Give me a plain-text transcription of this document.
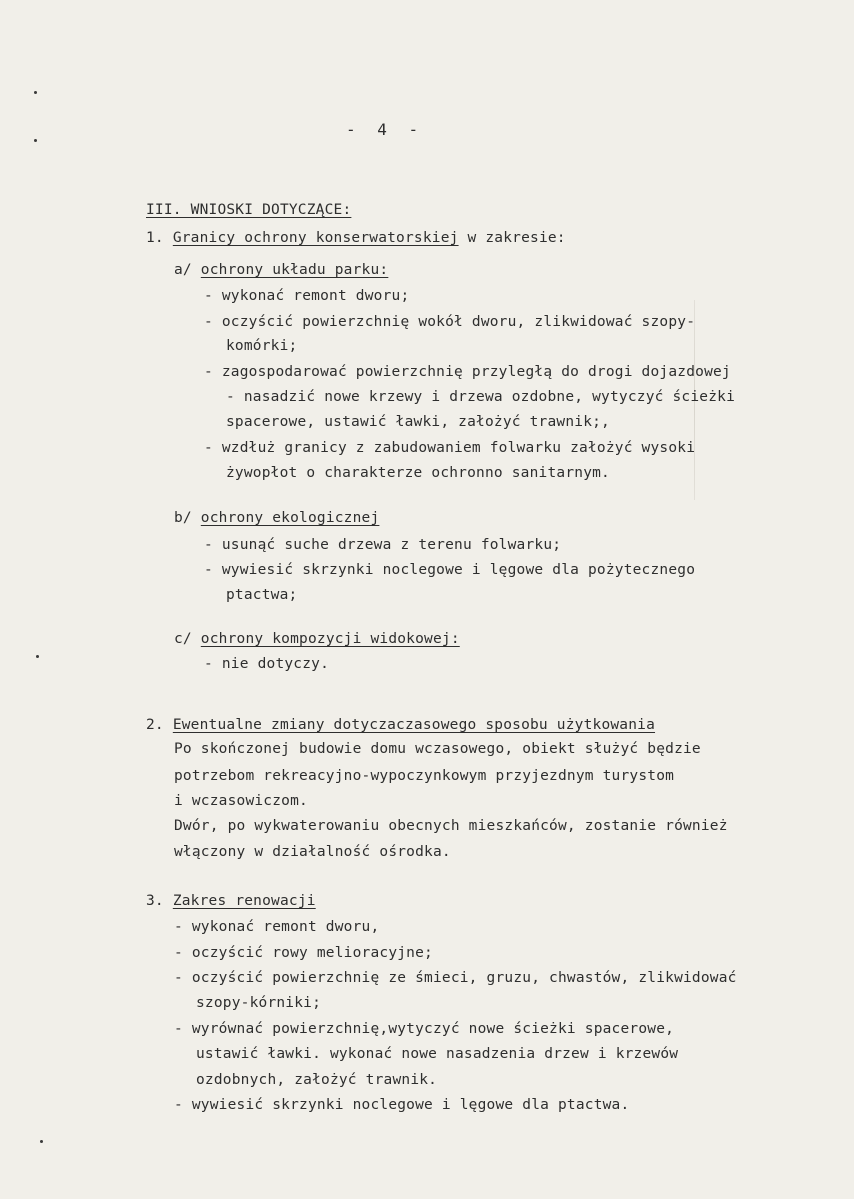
- 4 -
III. WNIOSKI DOTYCZĄCE:
1. Granicy ochrony konserwatorskiej w zakresie:
a/ ochrony układu parku:
- wykonać remont dworu;
- oczyścić powierzchnię wokół dworu, zlikwidować szopy-
komórki;
- zagospodarować powierzchnię przyległą do drogi dojazdowej
- nasadzić nowe krzewy i drzewa ozdobne, wytyczyć ścieżki
spacerowe, ustawić ławki, założyć trawnik;,
- wzdłuż granicy z zabudowaniem folwarku założyć wysoki
żywopłot o charakterze ochronno sanitarnym.
b/ ochrony ekologicznej
- usunąć suche drzewa z terenu folwarku;
- wywiesić skrzynki noclegowe i lęgowe dla pożytecznego
ptactwa;
c/ ochrony kompozycji widokowej:
- nie dotyczy.
2. Ewentualne zmiany dotyczaczasowego sposobu użytkowania
Po skończonej budowie domu wczasowego, obiekt służyć będzie
potrzebom rekreacyjno-wypoczynkowym przyjezdnym turystom
i wczasowiczom.
Dwór, po wykwaterowaniu obecnych mieszkańców, zostanie również
włączony w działalność ośrodka.
3. Zakres renowacji
- wykonać remont dworu,
- oczyścić rowy melioracyjne;
- oczyścić powierzchnię ze śmieci, gruzu, chwastów, zlikwidować
szopy-kórniki;
- wyrównać powierzchnię,wytyczyć nowe ścieżki spacerowe,
ustawić ławki. wykonać nowe nasadzenia drzew i krzewów
ozdobnych, założyć trawnik.
- wywiesić skrzynki noclegowe i lęgowe dla ptactwa.
